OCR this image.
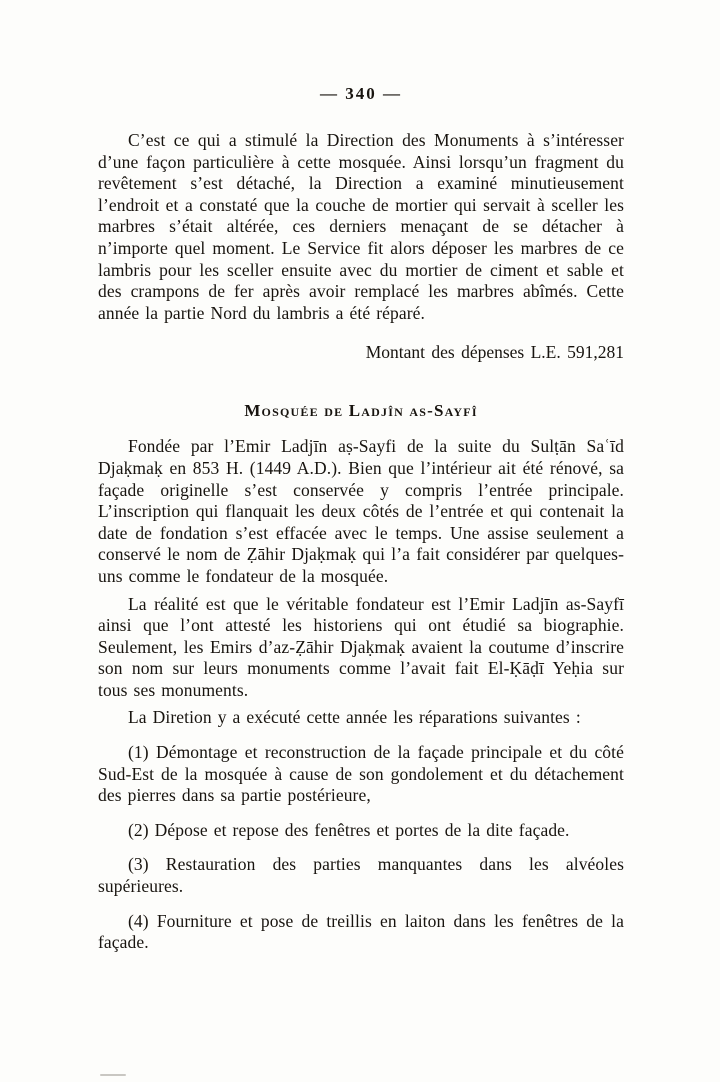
— 340 —

C’est ce qui a stimulé la Direction des Monuments à s’intéresser d’une façon particulière à cette mosquée. Ainsi lorsqu’un fragment du revêtement s’est détaché, la Direction a examiné minutieusement l’endroit et a constaté que la couche de mortier qui servait à sceller les marbres s’était altérée, ces derniers menaçant de se détacher à n’importe quel moment. Le Service fit alors déposer les marbres de ce lambris pour les sceller ensuite avec du mortier de ciment et sable et des crampons de fer après avoir remplacé les marbres abîmés. Cette année la partie Nord du lambris a été réparé.

Montant des dépenses L.E. 591,281
Mosquée de Ladjîn as-Sayfî

Fondée par l’Emir Ladjīn aṣ-Sayfi de la suite du Sulṭān Saʿīd Djaḳmaḳ en 853 H. (1449 A.D.). Bien que l’intérieur ait été rénové, sa façade originelle s’est conservée y compris l’entrée principale. L’inscription qui flanquait les deux côtés de l’entrée et qui contenait la date de fondation s’est effacée avec le temps. Une assise seulement a conservé le nom de Ẓāhir Djaḳmaḳ qui l’a fait considérer par quelques-uns comme le fondateur de la mosquée.

La réalité est que le véritable fondateur est l’Emir Ladjīn as-Sayfī ainsi que l’ont attesté les historiens qui ont étudié sa biographie. Seulement, les Emirs d’az-Ẓāhir Djaḳmaḳ avaient la coutume d’inscrire son nom sur leurs monuments comme l’avait fait El-Ḳāḍī Yeḥia sur tous ses monuments.

La Diretion y a exécuté cette année les réparations suivantes :

(1) Démontage et reconstruction de la façade principale et du côté Sud-Est de la mosquée à cause de son gondolement et du détachement des pierres dans sa partie postérieure,

(2) Dépose et repose des fenêtres et portes de la dite façade.

(3) Restauration des parties manquantes dans les alvéoles supérieures.

(4) Fourniture et pose de treillis en laiton dans les fenêtres de la façade.
